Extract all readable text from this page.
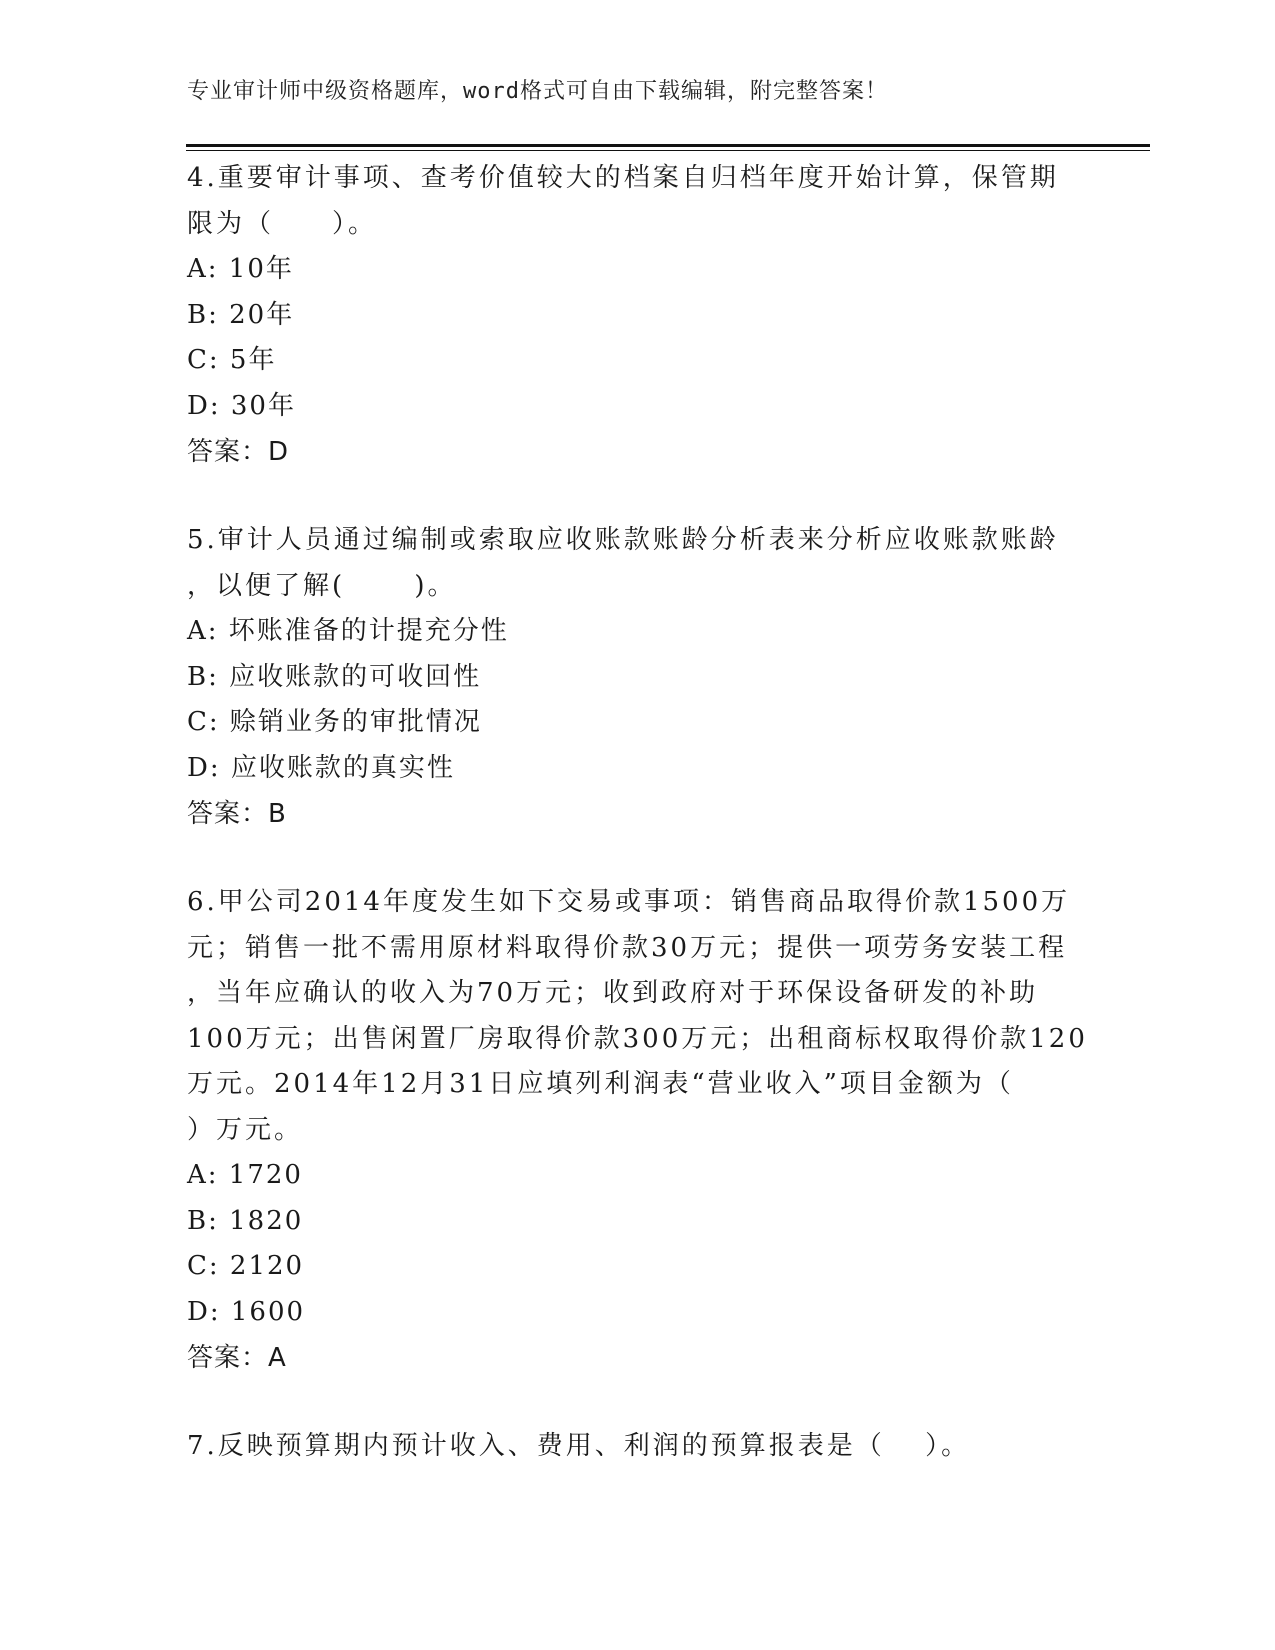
专业审计师中级资格题库，word格式可自由下载编辑，附完整答案！
4.重要审计事项、查考价值较大的档案自归档年度开始计算，保管期
限为（　　）。
A: 10年
B: 20年
C: 5年
D: 30年
答案：D
5.审计人员通过编制或索取应收账款账龄分析表来分析应收账款账龄
，以便了解(　　 )。
A: 坏账准备的计提充分性
B: 应收账款的可收回性
C: 赊销业务的审批情况
D: 应收账款的真实性
答案：B
6.甲公司2014年度发生如下交易或事项：销售商品取得价款1500万
元；销售一批不需用原材料取得价款30万元；提供一项劳务安装工程
，当年应确认的收入为70万元；收到政府对于环保设备研发的补助
100万元；出售闲置厂房取得价款300万元；出租商标权取得价款120
万元。2014年12月31日应填列利润表“营业收入”项目金额为（
）万元。
A: 1720
B: 1820
C: 2120
D: 1600
答案：A
7.反映预算期内预计收入、费用、利润的预算报表是（　 ）。
